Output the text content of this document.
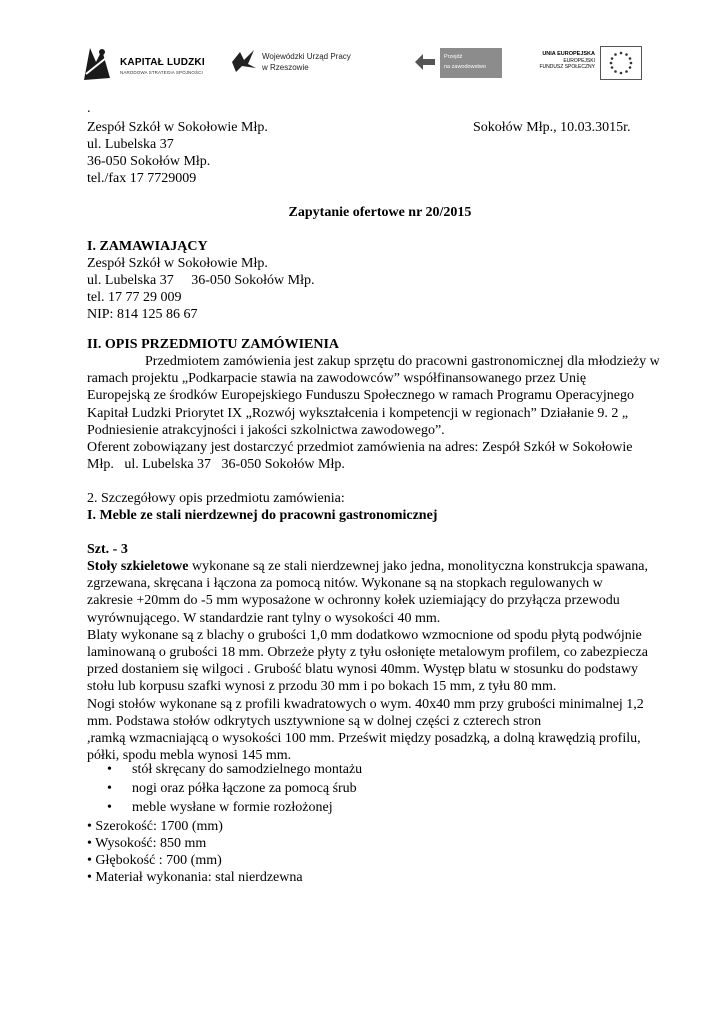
KAPITAŁ LUDZKI
NARODOWA STRATEGIA SPÓJNOŚCI
Wojewódzki Urząd Pracy
w Rzeszowie
Przejdź
na zawodowstwo
UNIA EUROPEJSKA
EUROPEJSKI
FUNDUSZ SPOŁECZNY
.
Zespół Szkół w Sokołowie Młp.	Sokołów Młp., 10.03.3015r.
ul. Lubelska 37
36-050 Sokołów Młp.
tel./fax 17 7729009
Zapytanie ofertowe nr 20/2015
I. ZAMAWIAJĄCY
Zespół Szkół w Sokołowie Młp.
ul. Lubelska 37     36-050 Sokołów Młp.
tel. 17 77 29 009
NIP: 814 125 86 67
II. OPIS PRZEDMIOTU ZAMÓWIENIA
Przedmiotem zamówienia jest zakup sprzętu do pracowni gastronomicznej dla młodzieży w
ramach projektu „Podkarpacie stawia na zawodowców” współfinansowanego przez Unię
Europejską ze środków Europejskiego Funduszu Społecznego w ramach Programu Operacyjnego
Kapitał Ludzki Priorytet IX „Rozwój wykształcenia i kompetencji w regionach” Działanie 9. 2 „
Podniesienie atrakcyjności i jakości szkolnictwa zawodowego”.
Oferent zobowiązany jest dostarczyć przedmiot zamówienia na adres: Zespół Szkół w Sokołowie
Młp.   ul. Lubelska 37   36-050 Sokołów Młp.
2. Szczegółowy opis przedmiotu zamówienia:
I. Meble ze stali nierdzewnej do pracowni gastronomicznej
Szt. - 3
Stoły szkieletowe wykonane są ze stali nierdzewnej jako jedna, monolityczna konstrukcja spawana,
zgrzewana, skręcana i łączona za pomocą nitów. Wykonane są na stopkach regulowanych w
zakresie +20mm do -5 mm wyposażone w ochronny kołek uziemiający do przyłącza przewodu
wyrównującego. W standardzie rant tylny o wysokości 40 mm.
Blaty wykonane są z blachy o grubości 1,0 mm dodatkowo wzmocnione od spodu płytą podwójnie
laminowaną o grubości 18 mm. Obrzeże płyty z tyłu osłonięte metalowym profilem, co zabezpiecza
przed dostaniem się wilgoci . Grubość blatu wynosi 40mm. Występ blatu w stosunku do podstawy
stołu lub korpusu szafki wynosi z przodu 30 mm i po bokach 15 mm, z tyłu 80 mm.
Nogi stołów wykonane są z profili kwadratowych o wym. 40x40 mm przy grubości minimalnej 1,2
mm. Podstawa stołów odkrytych usztywnione są w dolnej części z czterech stron
,ramką wzmacniającą o wysokości 100 mm. Prześwit między posadzką, a dolną krawędzią profilu,
półki, spodu mebla wynosi 145 mm.
• stół skręcany do samodzielnego montażu
• nogi oraz półka łączone za pomocą śrub
• meble wysłane w formie rozłożonej
• Szerokość: 1700 (mm)
• Wysokość: 850 mm
• Głębokość : 700 (mm)
• Materiał wykonania: stal nierdzewna
